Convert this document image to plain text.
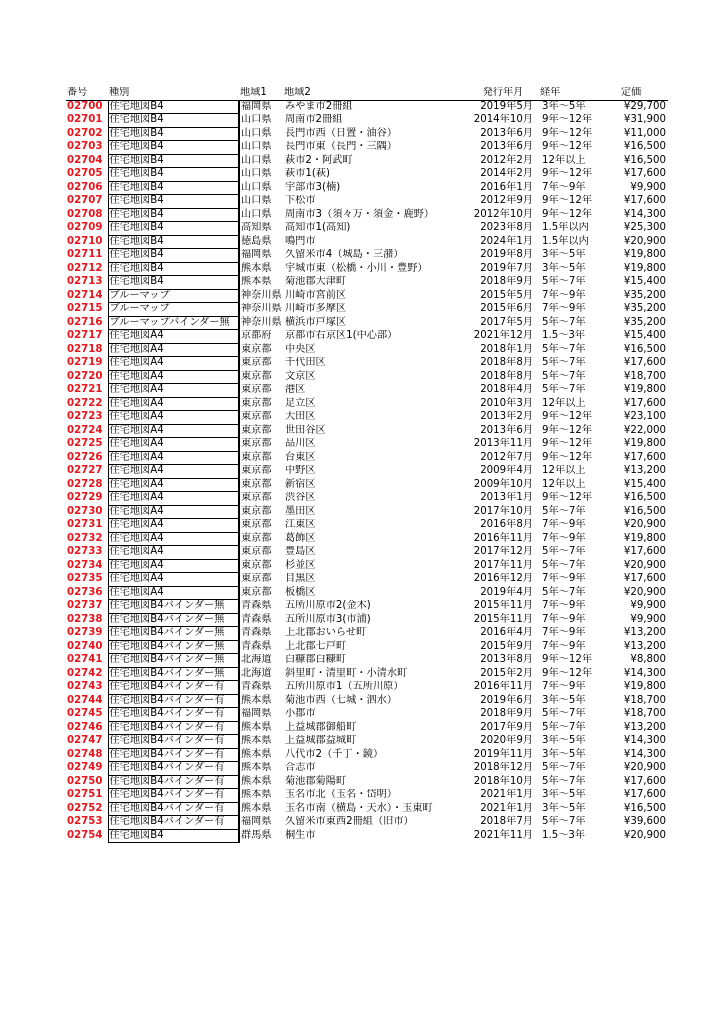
番号	種別	地域1	地域2	発行年月	経年	定価
02700	住宅地図B4	福岡県	みやま市2冊組	2019年5月	3年～5年	¥29,700
02701	住宅地図B4	山口県	周南市2冊組	2014年10月	9年～12年	¥31,900
02702	住宅地図B4	山口県	長門市西（日置・油谷）	2013年6月	9年～12年	¥11,000
02703	住宅地図B4	山口県	長門市東（長門・三隅）	2013年6月	9年～12年	¥16,500
02704	住宅地図B4	山口県	萩市2・阿武町	2012年2月	12年以上	¥16,500
02705	住宅地図B4	山口県	萩市1(萩)	2014年2月	9年～12年	¥17,600
02706	住宅地図B4	山口県	宇部市3(楠)	2016年1月	7年～9年	¥9,900
02707	住宅地図B4	山口県	下松市	2012年9月	9年～12年	¥17,600
02708	住宅地図B4	山口県	周南市3（須々万・須金・鹿野）	2012年10月	9年～12年	¥14,300
02709	住宅地図B4	高知県	高知市1(高知)	2023年8月	1.5年以内	¥25,300
02710	住宅地図B4	徳島県	鳴門市	2024年1月	1.5年以内	¥20,900
02711	住宅地図B4	福岡県	久留米市4（城島・三潴）	2019年8月	3年～5年	¥19,800
02712	住宅地図B4	熊本県	宇城市東（松橋・小川・豊野）	2019年7月	3年～5年	¥19,800
02713	住宅地図B4	熊本県	菊池郡大津町	2018年9月	5年～7年	¥15,400
02714	ブルーマップ	神奈川県	川崎市宮前区	2015年5月	7年～9年	¥35,200
02715	ブルーマップ	神奈川県	川崎市多摩区	2015年6月	7年～9年	¥35,200
02716	ブルーマップバインダー無	神奈川県	横浜市戸塚区	2017年5月	5年～7年	¥35,200
02717	住宅地図A4	京都府	京都市右京区1(中心部）	2021年12月	1.5～3年	¥15,400
02718	住宅地図A4	東京都	中央区	2018年1月	5年～7年	¥16,500
02719	住宅地図A4	東京都	千代田区	2018年8月	5年～7年	¥17,600
02720	住宅地図A4	東京都	文京区	2018年8月	5年～7年	¥18,700
02721	住宅地図A4	東京都	港区	2018年4月	5年～7年	¥19,800
02722	住宅地図A4	東京都	足立区	2010年3月	12年以上	¥17,600
02723	住宅地図A4	東京都	大田区	2013年2月	9年～12年	¥23,100
02724	住宅地図A4	東京都	世田谷区	2013年6月	9年～12年	¥22,000
02725	住宅地図A4	東京都	品川区	2013年11月	9年～12年	¥19,800
02726	住宅地図A4	東京都	台東区	2012年7月	9年～12年	¥17,600
02727	住宅地図A4	東京都	中野区	2009年4月	12年以上	¥13,200
02728	住宅地図A4	東京都	新宿区	2009年10月	12年以上	¥15,400
02729	住宅地図A4	東京都	渋谷区	2013年1月	9年～12年	¥16,500
02730	住宅地図A4	東京都	墨田区	2017年10月	5年～7年	¥16,500
02731	住宅地図A4	東京都	江東区	2016年8月	7年～9年	¥20,900
02732	住宅地図A4	東京都	葛飾区	2016年11月	7年～9年	¥19,800
02733	住宅地図A4	東京都	豊島区	2017年12月	5年～7年	¥17,600
02734	住宅地図A4	東京都	杉並区	2017年11月	5年～7年	¥20,900
02735	住宅地図A4	東京都	目黒区	2016年12月	7年～9年	¥17,600
02736	住宅地図A4	東京都	板橋区	2019年4月	5年～7年	¥20,900
02737	住宅地図B4バインダー無	青森県	五所川原市2(金木)	2015年11月	7年～9年	¥9,900
02738	住宅地図B4バインダー無	青森県	五所川原市3(市浦)	2015年11月	7年～9年	¥9,900
02739	住宅地図B4バインダー無	青森県	上北郡おいらせ町	2016年4月	7年～9年	¥13,200
02740	住宅地図B4バインダー無	青森県	上北郡七戸町	2015年9月	7年～9年	¥13,200
02741	住宅地図B4バインダー無	北海道	白糠郡白糠町	2013年8月	9年～12年	¥8,800
02742	住宅地図B4バインダー無	北海道	斜里町・清里町・小清水町	2015年2月	9年～12年	¥14,300
02743	住宅地図B4バインダー有	青森県	五所川原市1（五所川原）	2016年11月	7年～9年	¥19,800
02744	住宅地図B4バインダー有	熊本県	菊池市西（七城・泗水）	2019年6月	3年～5年	¥18,700
02745	住宅地図B4バインダー有	福岡県	小郡市	2018年9月	5年～7年	¥18,700
02746	住宅地図B4バインダー有	熊本県	上益城郡御船町	2017年9月	5年～7年	¥13,200
02747	住宅地図B4バインダー有	熊本県	上益城郡益城町	2020年9月	3年～5年	¥14,300
02748	住宅地図B4バインダー有	熊本県	八代市2（千丁・鏡）	2019年11月	3年～5年	¥14,300
02749	住宅地図B4バインダー有	熊本県	合志市	2018年12月	5年～7年	¥20,900
02750	住宅地図B4バインダー有	熊本県	菊池郡菊陽町	2018年10月	5年～7年	¥17,600
02751	住宅地図B4バインダー有	熊本県	玉名市北（玉名・岱明）	2021年1月	3年～5年	¥17,600
02752	住宅地図B4バインダー有	熊本県	玉名市南（横島・天水）・玉東町	2021年1月	3年～5年	¥16,500
02753	住宅地図B4バインダー有	福岡県	久留米市東西2冊組（旧市）	2018年7月	5年～7年	¥39,600
02754	住宅地図B4	群馬県	桐生市	2021年11月	1.5～3年	¥20,900
